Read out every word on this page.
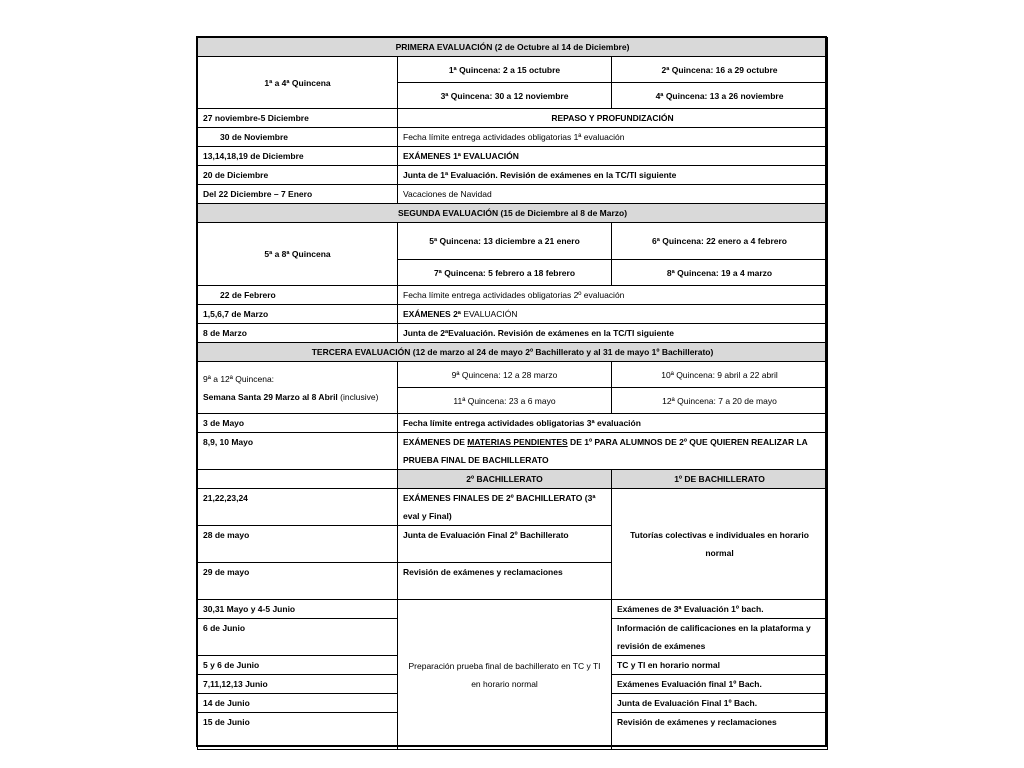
PRIMERA EVALUACIÓN (2 de Octubre al 14 de Diciembre)		
1ª a 4ª Quincena	1ª Quincena: 2 a 15 octubre	2ª Quincena: 16 a 29 octubre
	3ª Quincena: 30 a 12 noviembre	4ª Quincena: 13 a 26 noviembre
27 noviembre-5 Diciembre	REPASO Y PROFUNDIZACIÓN	
30 de Noviembre	Fecha límite entrega actividades obligatorias 1ª evaluación	
13,14,18,19 de Diciembre	EXÁMENES 1ª EVALUACIÓN	
20 de Diciembre	Junta de 1ª Evaluación. Revisión de exámenes en la TC/TI siguiente	
Del 22 Diciembre – 7 Enero	Vacaciones de Navidad	
SEGUNDA EVALUACIÓN (15 de Diciembre al 8 de Marzo)		
5ª a 8ª Quincena	5ª Quincena: 13 diciembre a 21 enero	6ª Quincena: 22 enero a 4 febrero
	7ª Quincena: 5 febrero a 18 febrero	8ª Quincena: 19 a 4 marzo
22 de Febrero	Fecha límite entrega actividades obligatorias 2º evaluación	
1,5,6,7 de Marzo	EXÁMENES 2ª EVALUACIÓN	
8 de Marzo	Junta de 2ªEvaluación. Revisión de exámenes en la TC/TI siguiente	
TERCERA EVALUACIÓN (12 de marzo al 24 de mayo 2º Bachillerato y al 31 de mayo 1º Bachillerato)		

9ª a 12ª Quincena:
Semana Santa 29 Marzo al 8 Abril (inclusive)	9ª Quincena: 12 a 28 marzo	10ª Quincena: 9 abril a 22 abril
	11ª Quincena: 23 a 6 mayo	12ª Quincena: 7 a 20 de mayo
3 de Mayo	Fecha límite entrega actividades obligatorias 3ª evaluación	
8,9, 10 Mayo	EXÁMENES DE MATERIAS PENDIENTES DE 1º PARA ALUMNOS DE 2º QUE QUIEREN REALIZAR LA PRUEBA FINAL DE BACHILLERATO	
	2º BACHILLERATO	1º DE BACHILLERATO
21,22,23,24	EXÁMENES FINALES DE 2º BACHILLERATO (3ª eval y Final)	Tutorías colectivas e individuales en horario normal
28 de mayo	Junta de Evaluación Final 2º Bachillerato	
29 de mayo	Revisión de exámenes y reclamaciones	
30,31 Mayo y 4-5 Junio	Preparación prueba final de bachillerato en TC y TI en horario normal	Exámenes de 3ª Evaluación 1º bach.
6 de Junio		Información de calificaciones en la plataforma y revisión de exámenes
5 y 6 de Junio		TC y TI en horario normal
7,11,12,13 Junio		Exámenes Evaluación final 1º Bach.
14 de Junio		Junta de Evaluación Final 1º Bach.
15 de Junio		Revisión de exámenes y reclamaciones
